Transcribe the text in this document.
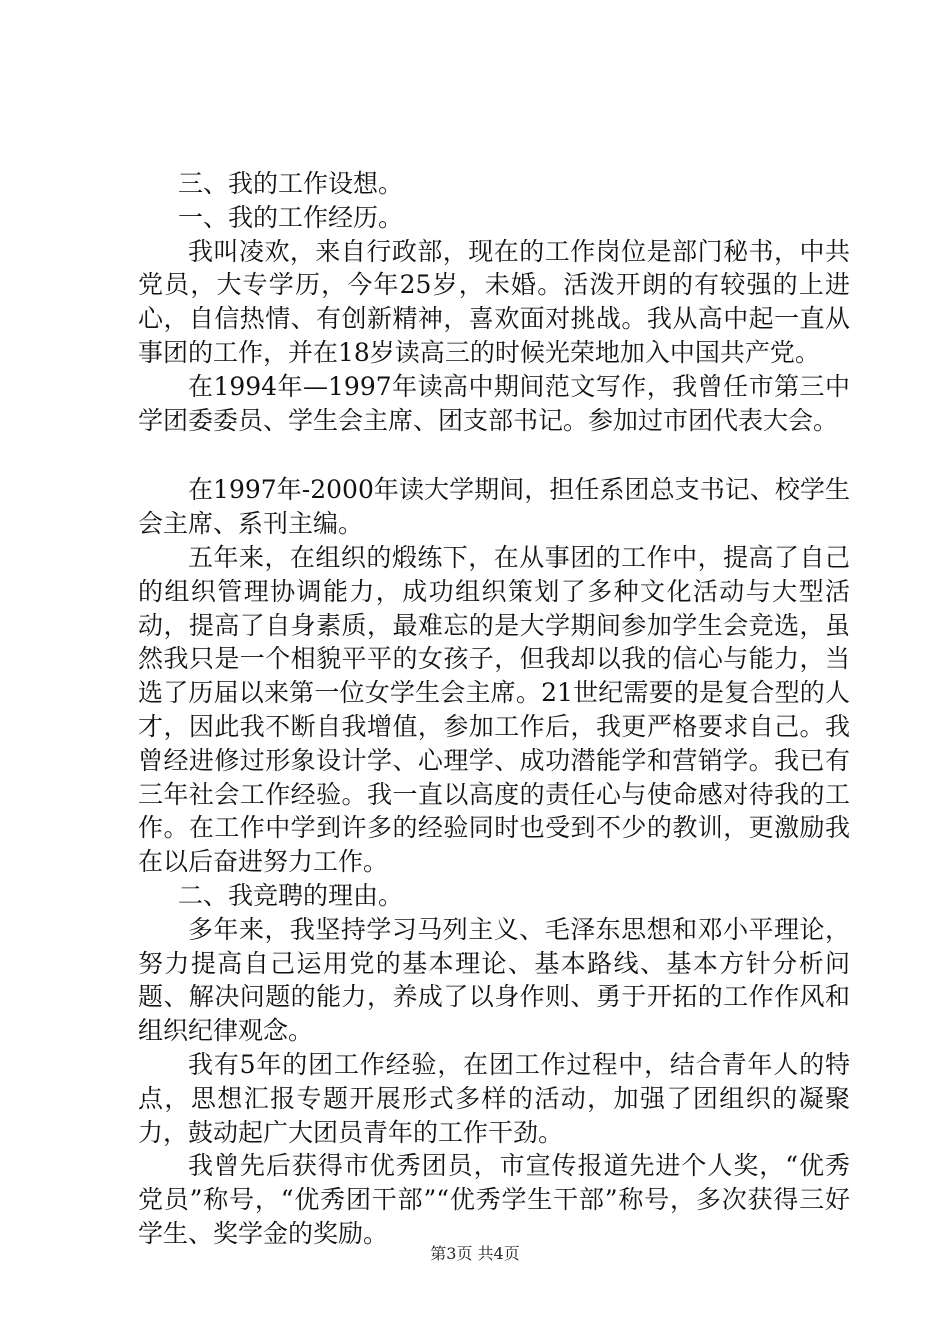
三、我的工作设想。

一、我的工作经历。

我叫凌欢，来自行政部，现在的工作岗位是部门秘书，中共党员，大专学历，今年25岁，未婚。活泼开朗的有较强的上进心，自信热情、有创新精神，喜欢面对挑战。我从高中起一直从事团的工作，并在18岁读高三的时候光荣地加入中国共产党。

在1994年—1997年读高中期间范文写作，我曾任市第三中学团委委员、学生会主席、团支部书记。参加过市团代表大会。

在1997年-2000年读大学期间，担任系团总支书记、校学生会主席、系刊主编。

五年来，在组织的煅练下，在从事团的工作中，提高了自己的组织管理协调能力，成功组织策划了多种文化活动与大型活动，提高了自身素质，最难忘的是大学期间参加学生会竞选，虽然我只是一个相貌平平的女孩子，但我却以我的信心与能力，当选了历届以来第一位女学生会主席。21世纪需要的是复合型的人才，因此我不断自我增值，参加工作后，我更严格要求自己。我曾经进修过形象设计学、心理学、成功潜能学和营销学。我已有三年社会工作经验。我一直以高度的责任心与使命感对待我的工作。在工作中学到许多的经验同时也受到不少的教训，更激励我在以后奋进努力工作。

二、我竞聘的理由。

多年来，我坚持学习马列主义、毛泽东思想和邓小平理论，努力提高自己运用党的基本理论、基本路线、基本方针分析问题、解决问题的能力，养成了以身作则、勇于开拓的工作作风和组织纪律观念。

我有5年的团工作经验，在团工作过程中，结合青年人的特点，思想汇报专题开展形式多样的活动，加强了团组织的凝聚力，鼓动起广大团员青年的工作干劲。

我曾先后获得市优秀团员，市宣传报道先进个人奖，“优秀党员”称号，“优秀团干部”“优秀学生干部”称号，多次获得三好学生、奖学金的奖励。

第3页 共4页
